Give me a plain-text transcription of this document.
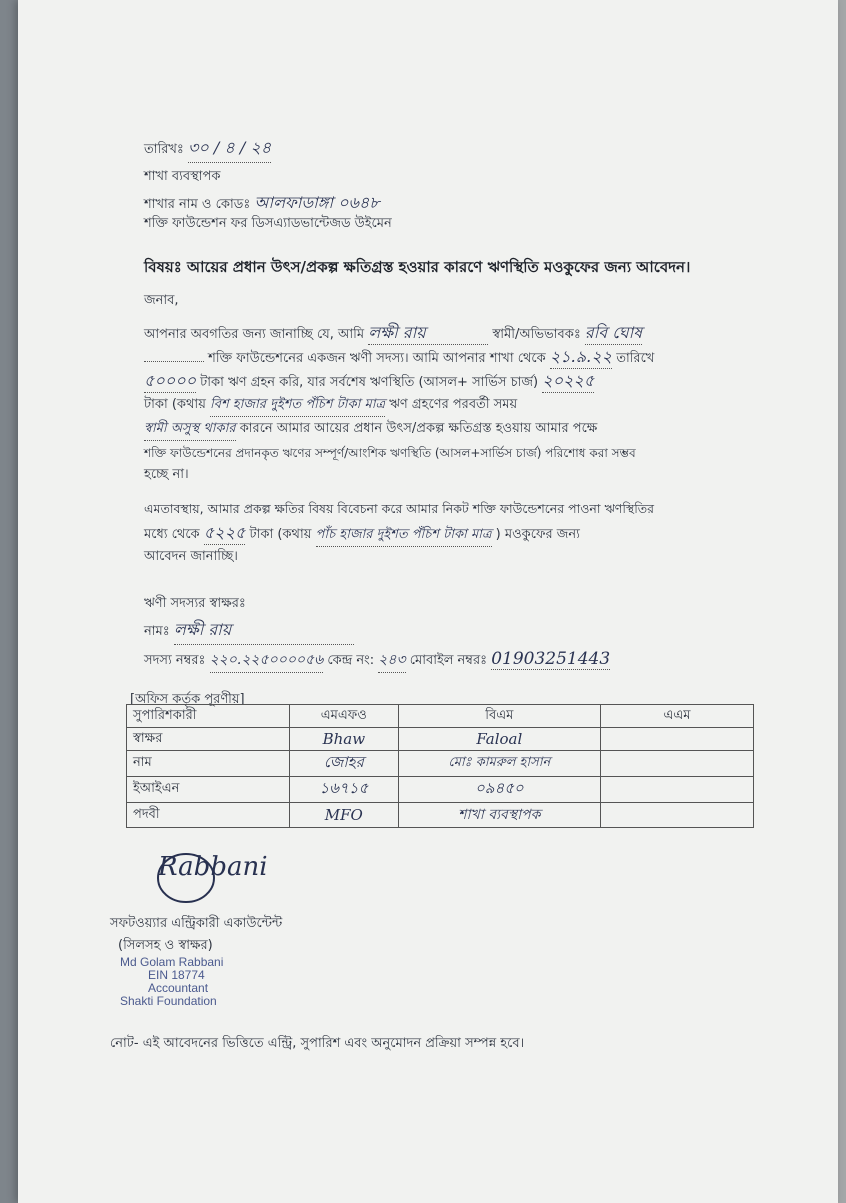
তারিখঃ ৩০ / ৪ / ২৪
শাখা ব্যবস্থাপক
শাখার নাম ও কোডঃ আলফাডাঙ্গা ০৬৪৮
শক্তি ফাউন্ডেশন ফর ডিসএ্যাডভান্টেজড উইমেন
বিষয়ঃ আয়ের প্রধান উৎস/প্রকল্প ক্ষতিগ্রস্ত হওয়ার কারণে ঋণস্থিতি মওকুফের জন্য আবেদন।
জনাব,
আপনার অবগতির জন্য জানাচ্ছি যে, আমি লক্ষী রায়	স্বামী/অভিভাবকঃ রবি ঘোষ
শক্তি ফাউন্ডেশনের একজন ঋণী সদস্য। আমি আপনার শাখা থেকে ২১.৯.২২ তারিখে
৫০০০০ টাকা ঋণ গ্রহন করি, যার সর্বশেষ ঋণস্থিতি (আসল+ সার্ভিস চার্জ) ২০২২৫
টাকা (কথায় বিশ হাজার দুইশত পঁচিশ টাকা মাত্র ঋণ গ্রহণের পরবর্তী সময়
স্বামী অসুস্থ থাকার কারনে আমার আয়ের প্রধান উৎস/প্রকল্প ক্ষতিগ্রস্ত হওয়ায় আমার পক্ষে
শক্তি ফাউন্ডেশনের প্রদানকৃত ঋণের সম্পূর্ণ/আংশিক ঋণস্থিতি (আসল+সার্ভিস চার্জ) পরিশোধ করা সম্ভব
হচ্ছে না।
এমতাবস্থায়, আমার প্রকল্প ক্ষতির বিষয় বিবেচনা করে আমার নিকট শক্তি ফাউন্ডেশনের পাওনা ঋণস্থিতির
মধ্যে থেকে ৫২২৫ টাকা (কথায় পাঁচ হাজার দুইশত পঁচিশ টাকা মাত্র ) মওকুফের জন্য
আবেদন জানাচ্ছি।
ঋণী সদস্যর স্বাক্ষরঃ
নামঃ লক্ষী রায়
সদস্য নম্বরঃ ২২০.২২৫০০০০৫৬ কেন্দ্র নং: ২৪৩ মোবাইল নম্বরঃ 01903251443
[অফিস কর্তৃক পূরণীয়]
সুপারিশকারী	এমএফও	বিএম	এএম
স্বাক্ষর	Bhaw	Faloal	
নাম	জোহর	মোঃ কামরুল হাসান	
ইআইএন	১৬৭১৫	০৯৪৫০	
পদবী	MFO	শাখা ব্যবস্থাপক	
Rabbani
সফটওয়্যার এন্ট্রিকারী একাউন্টেন্ট
(সিলসহ ও স্বাক্ষর)
Md Golam Rabbani
EIN 18774
Accountant
Shakti Foundation
নোট- এই আবেদনের ভিত্তিতে এন্ট্রি, সুপারিশ এবং অনুমোদন প্রক্রিয়া সম্পন্ন হবে।
